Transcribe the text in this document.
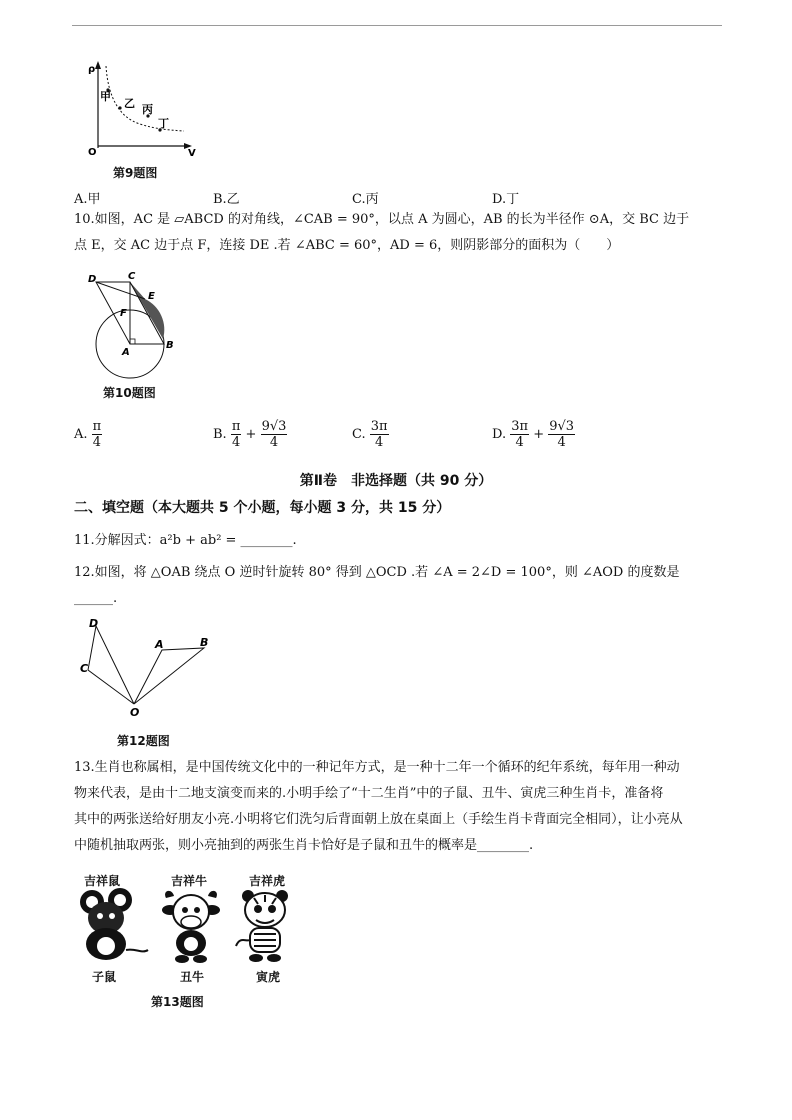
ρ
V
O
甲
乙 丙
丁
第9题图
A.甲	B.乙	C.丙	D.丁
10.如图，AC 是 ▱ABCD 的对角线，∠CAB = 90°，以点 A 为圆心，AB 的长为半径作 ⊙A，交 BC 边于
点 E，交 AC 边于点 F，连接 DE .若 ∠ABC = 60°，AD = 6，则阴影部分的面积为（　　）
D	C
E
F
A
B
第10题图
A. $\frac{\pi}{4}$	B. $\frac{\pi}{4} + \frac{9√3}{4}$	C. $\frac{3\pi}{4}$	D. $\frac{3\pi}{4} + \frac{9√3}{4}$
第Ⅱ卷　非选择题（共 90 分）
二、填空题（本大题共 5 个小题，每小题 3 分，共 15 分）
11.分解因式：a²b + ab² = ________.
12.如图，将 △OAB 绕点 O 逆时针旋转 80° 得到 △OCD .若 ∠A = 2∠D = 100°，则 ∠AOD 的度数是
______.
D
C
A	B
O
第12题图
13.生肖也称属相，是中国传统文化中的一种记年方式，是一种十二年一个循环的纪年系统，每年用一种动
物来代表，是由十二地支演变而来的.小明手绘了“十二生肖”中的子鼠、丑牛、寅虎三种生肖卡，准备将
其中的两张送给好朋友小亮.小明将它们洗匀后背面朝上放在桌面上（手绘生肖卡背面完全相同），让小亮从
中随机抽取两张，则小亮抽到的两张生肖卡恰好是子鼠和丑牛的概率是________.
吉祥鼠	吉祥牛	吉祥虎
子鼠	丑牛	寅虎
第13题图
